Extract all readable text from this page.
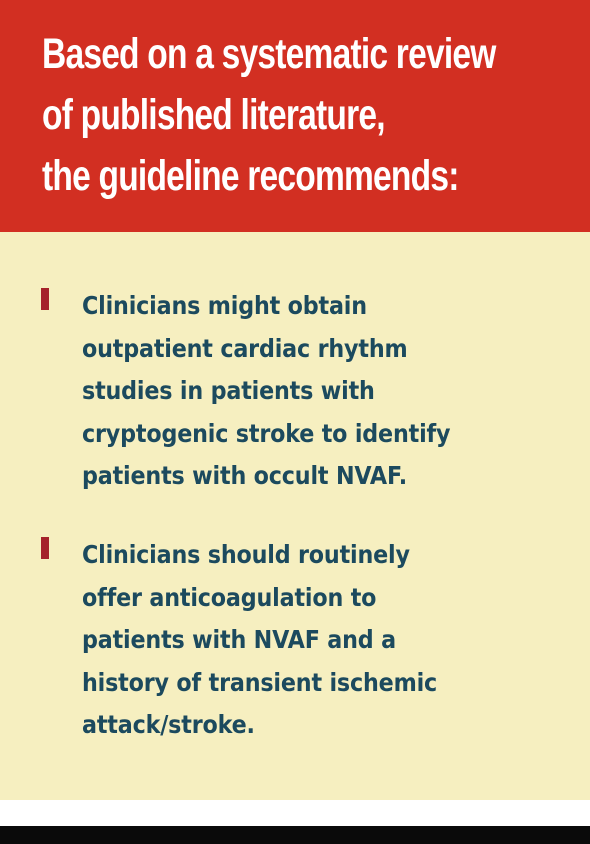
Based on a systematic review
of published literature,
the guideline recommends:

Clinicians might obtain
outpatient cardiac rhythm
studies in patients with
cryptogenic stroke to identify
patients with occult NVAF.

Clinicians should routinely
offer anticoagulation to
patients with NVAF and a
history of transient ischemic
attack/stroke.
